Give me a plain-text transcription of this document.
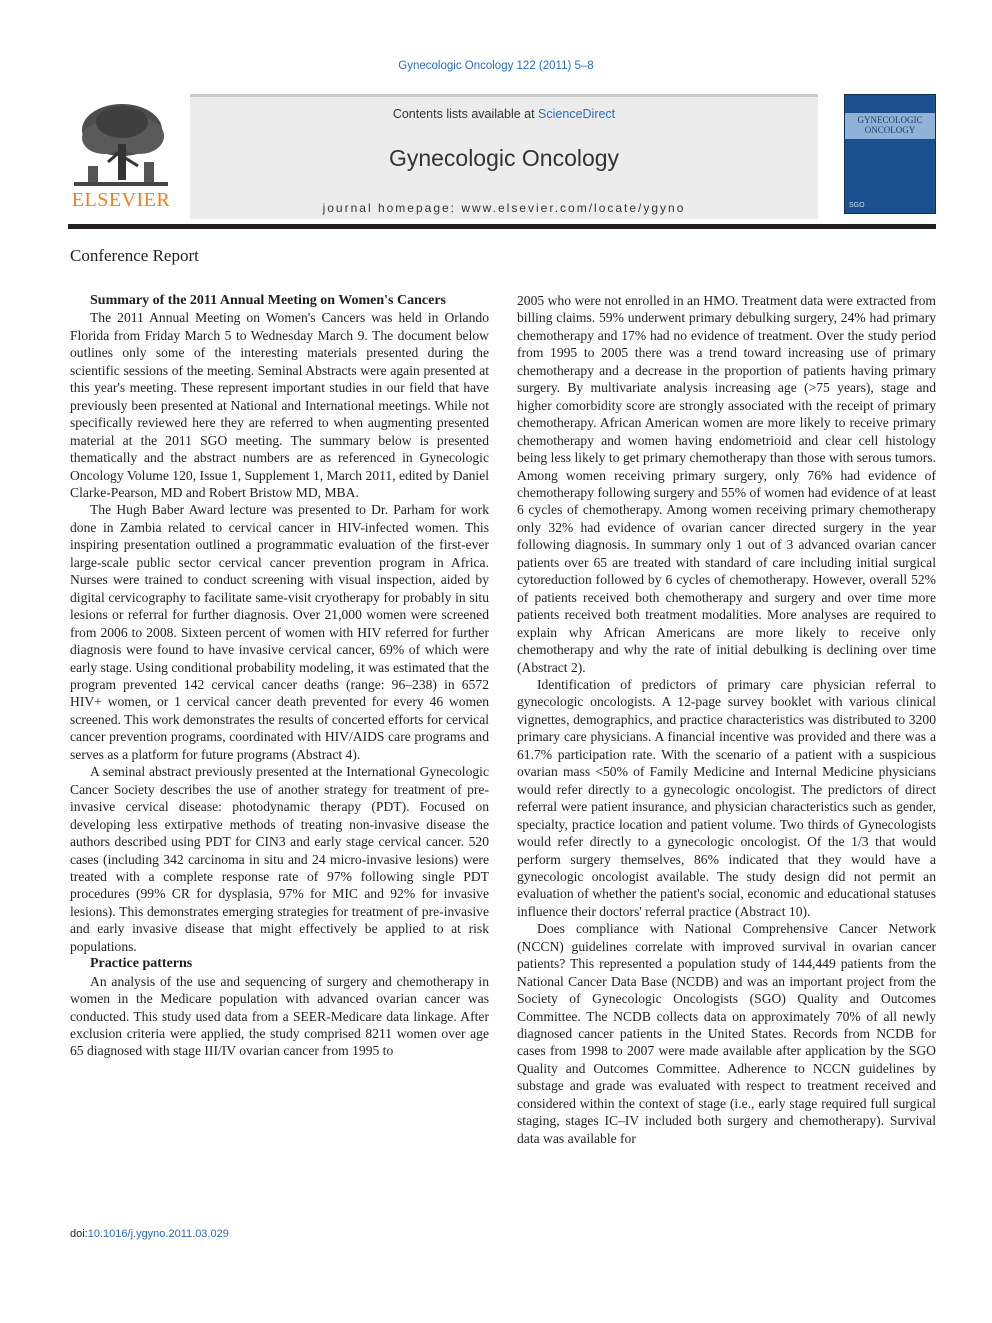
Gynecologic Oncology 122 (2011) 5–8
ELSEVIER
Contents lists available at ScienceDirect
Gynecologic Oncology
journal homepage: www.elsevier.com/locate/ygyno
GYNECOLOGIC ONCOLOGY
SGO
Conference Report

Summary of the 2011 Annual Meeting on Women's Cancers

The 2011 Annual Meeting on Women's Cancers was held in Orlando Florida from Friday March 5 to Wednesday March 9. The document below outlines only some of the interesting materials presented during the scientific sessions of the meeting. Seminal Abstracts were again presented at this year's meeting. These represent important studies in our field that have previously been presented at National and International meetings. While not specifically reviewed here they are referred to when augmenting presented material at the 2011 SGO meeting. The summary below is presented thematically and the abstract numbers are as referenced in Gynecologic Oncology Volume 120, Issue 1, Supplement 1, March 2011, edited by Daniel Clarke-Pearson, MD and Robert Bristow MD, MBA.

The Hugh Baber Award lecture was presented to Dr. Parham for work done in Zambia related to cervical cancer in HIV-infected women. This inspiring presentation outlined a programmatic evaluation of the first-ever large-scale public sector cervical cancer prevention program in Africa. Nurses were trained to conduct screening with visual inspection, aided by digital cervicography to facilitate same-visit cryotherapy for probably in situ lesions or referral for further diagnosis. Over 21,000 women were screened from 2006 to 2008. Sixteen percent of women with HIV referred for further diagnosis were found to have invasive cervical cancer, 69% of which were early stage. Using conditional probability modeling, it was estimated that the program prevented 142 cervical cancer deaths (range: 96–238) in 6572 HIV+ women, or 1 cervical cancer death prevented for every 46 women screened. This work demonstrates the results of concerted efforts for cervical cancer prevention programs, coordinated with HIV/AIDS care programs and serves as a platform for future programs (Abstract 4).

A seminal abstract previously presented at the International Gynecologic Cancer Society describes the use of another strategy for treatment of pre-invasive cervical disease: photodynamic therapy (PDT). Focused on developing less extirpative methods of treating non-invasive disease the authors described using PDT for CIN3 and early stage cervical cancer. 520 cases (including 342 carcinoma in situ and 24 micro-invasive lesions) were treated with a complete response rate of 97% following single PDT procedures (99% CR for dysplasia, 97% for MIC and 92% for invasive lesions). This demonstrates emerging strategies for treatment of pre-invasive and early invasive disease that might effectively be applied to at risk populations.

Practice patterns

An analysis of the use and sequencing of surgery and chemotherapy in women in the Medicare population with advanced ovarian cancer was conducted. This study used data from a SEER-Medicare data linkage. After exclusion criteria were applied, the study comprised 8211 women over age 65 diagnosed with stage III/IV ovarian cancer from 1995 to

2005 who were not enrolled in an HMO. Treatment data were extracted from billing claims. 59% underwent primary debulking surgery, 24% had primary chemotherapy and 17% had no evidence of treatment. Over the study period from 1995 to 2005 there was a trend toward increasing use of primary chemotherapy and a decrease in the proportion of patients having primary surgery. By multivariate analysis increasing age (>75 years), stage and higher comorbidity score are strongly associated with the receipt of primary chemotherapy. African American women are more likely to receive primary chemotherapy and women having endometrioid and clear cell histology being less likely to get primary chemotherapy than those with serous tumors. Among women receiving primary surgery, only 76% had evidence of chemotherapy following surgery and 55% of women had evidence of at least 6 cycles of chemotherapy. Among women receiving primary chemotherapy only 32% had evidence of ovarian cancer directed surgery in the year following diagnosis. In summary only 1 out of 3 advanced ovarian cancer patients over 65 are treated with standard of care including initial surgical cytoreduction followed by 6 cycles of chemotherapy. However, overall 52% of patients received both chemotherapy and surgery and over time more patients received both treatment modalities. More analyses are required to explain why African Americans are more likely to receive only chemotherapy and why the rate of initial debulking is declining over time (Abstract 2).

Identification of predictors of primary care physician referral to gynecologic oncologists. A 12-page survey booklet with various clinical vignettes, demographics, and practice characteristics was distributed to 3200 primary care physicians. A financial incentive was provided and there was a 61.7% participation rate. With the scenario of a patient with a suspicious ovarian mass <50% of Family Medicine and Internal Medicine physicians would refer directly to a gynecologic oncologist. The predictors of direct referral were patient insurance, and physician characteristics such as gender, specialty, practice location and patient volume. Two thirds of Gynecologists would refer directly to a gynecologic oncologist. Of the 1/3 that would perform surgery themselves, 86% indicated that they would have a gynecologic oncologist available. The study design did not permit an evaluation of whether the patient's social, economic and educational statuses influence their doctors' referral practice (Abstract 10).

Does compliance with National Comprehensive Cancer Network (NCCN) guidelines correlate with improved survival in ovarian cancer patients? This represented a population study of 144,449 patients from the National Cancer Data Base (NCDB) and was an important project from the Society of Gynecologic Oncologists (SGO) Quality and Outcomes Committee. The NCDB collects data on approximately 70% of all newly diagnosed cancer patients in the United States. Records from NCDB for cases from 1998 to 2007 were made available after application by the SGO Quality and Outcomes Committee. Adherence to NCCN guidelines by substage and grade was evaluated with respect to treatment received and considered within the context of stage (i.e., early stage required full surgical staging, stages IC–IV included both surgery and chemotherapy). Survival data was available for

doi:10.1016/j.ygyno.2011.03.029
